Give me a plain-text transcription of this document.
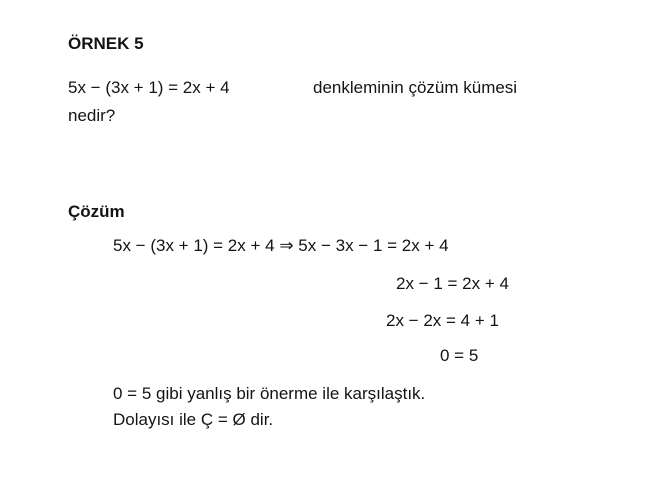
ÖRNEK 5
5x − (3x + 1) = 2x + 4	denkleminin çözüm kümesi
nedir?
Çözüm
5x − (3x + 1) = 2x + 4 ⇒ 5x − 3x − 1 = 2x + 4
2x − 1 = 2x + 4
2x − 2x = 4 + 1
0 = 5
0 = 5 gibi yanlış bir önerme ile karşılaştık.
Dolayısı ile Ç = Ø dir.
